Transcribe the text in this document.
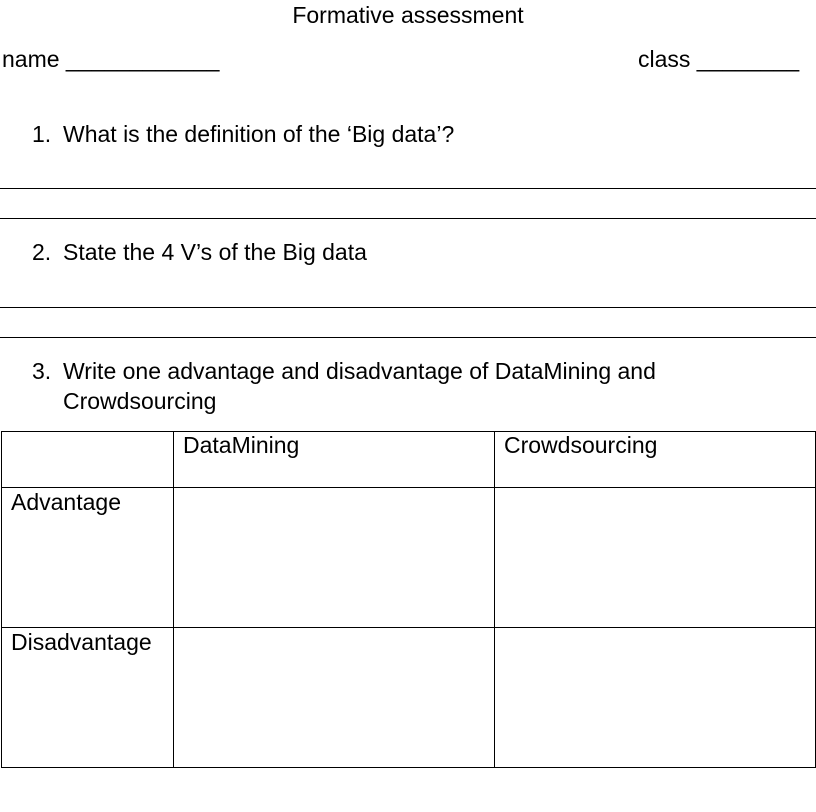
Formative assessment
name ____________	class ________
1. What is the definition of the ‘Big data’?
2. State the 4 V’s of the Big data
3. Write one advantage and disadvantage of DataMining and Crowdsourcing

	DataMining	Crowdsourcing

Advantage		

Disadvantage		
